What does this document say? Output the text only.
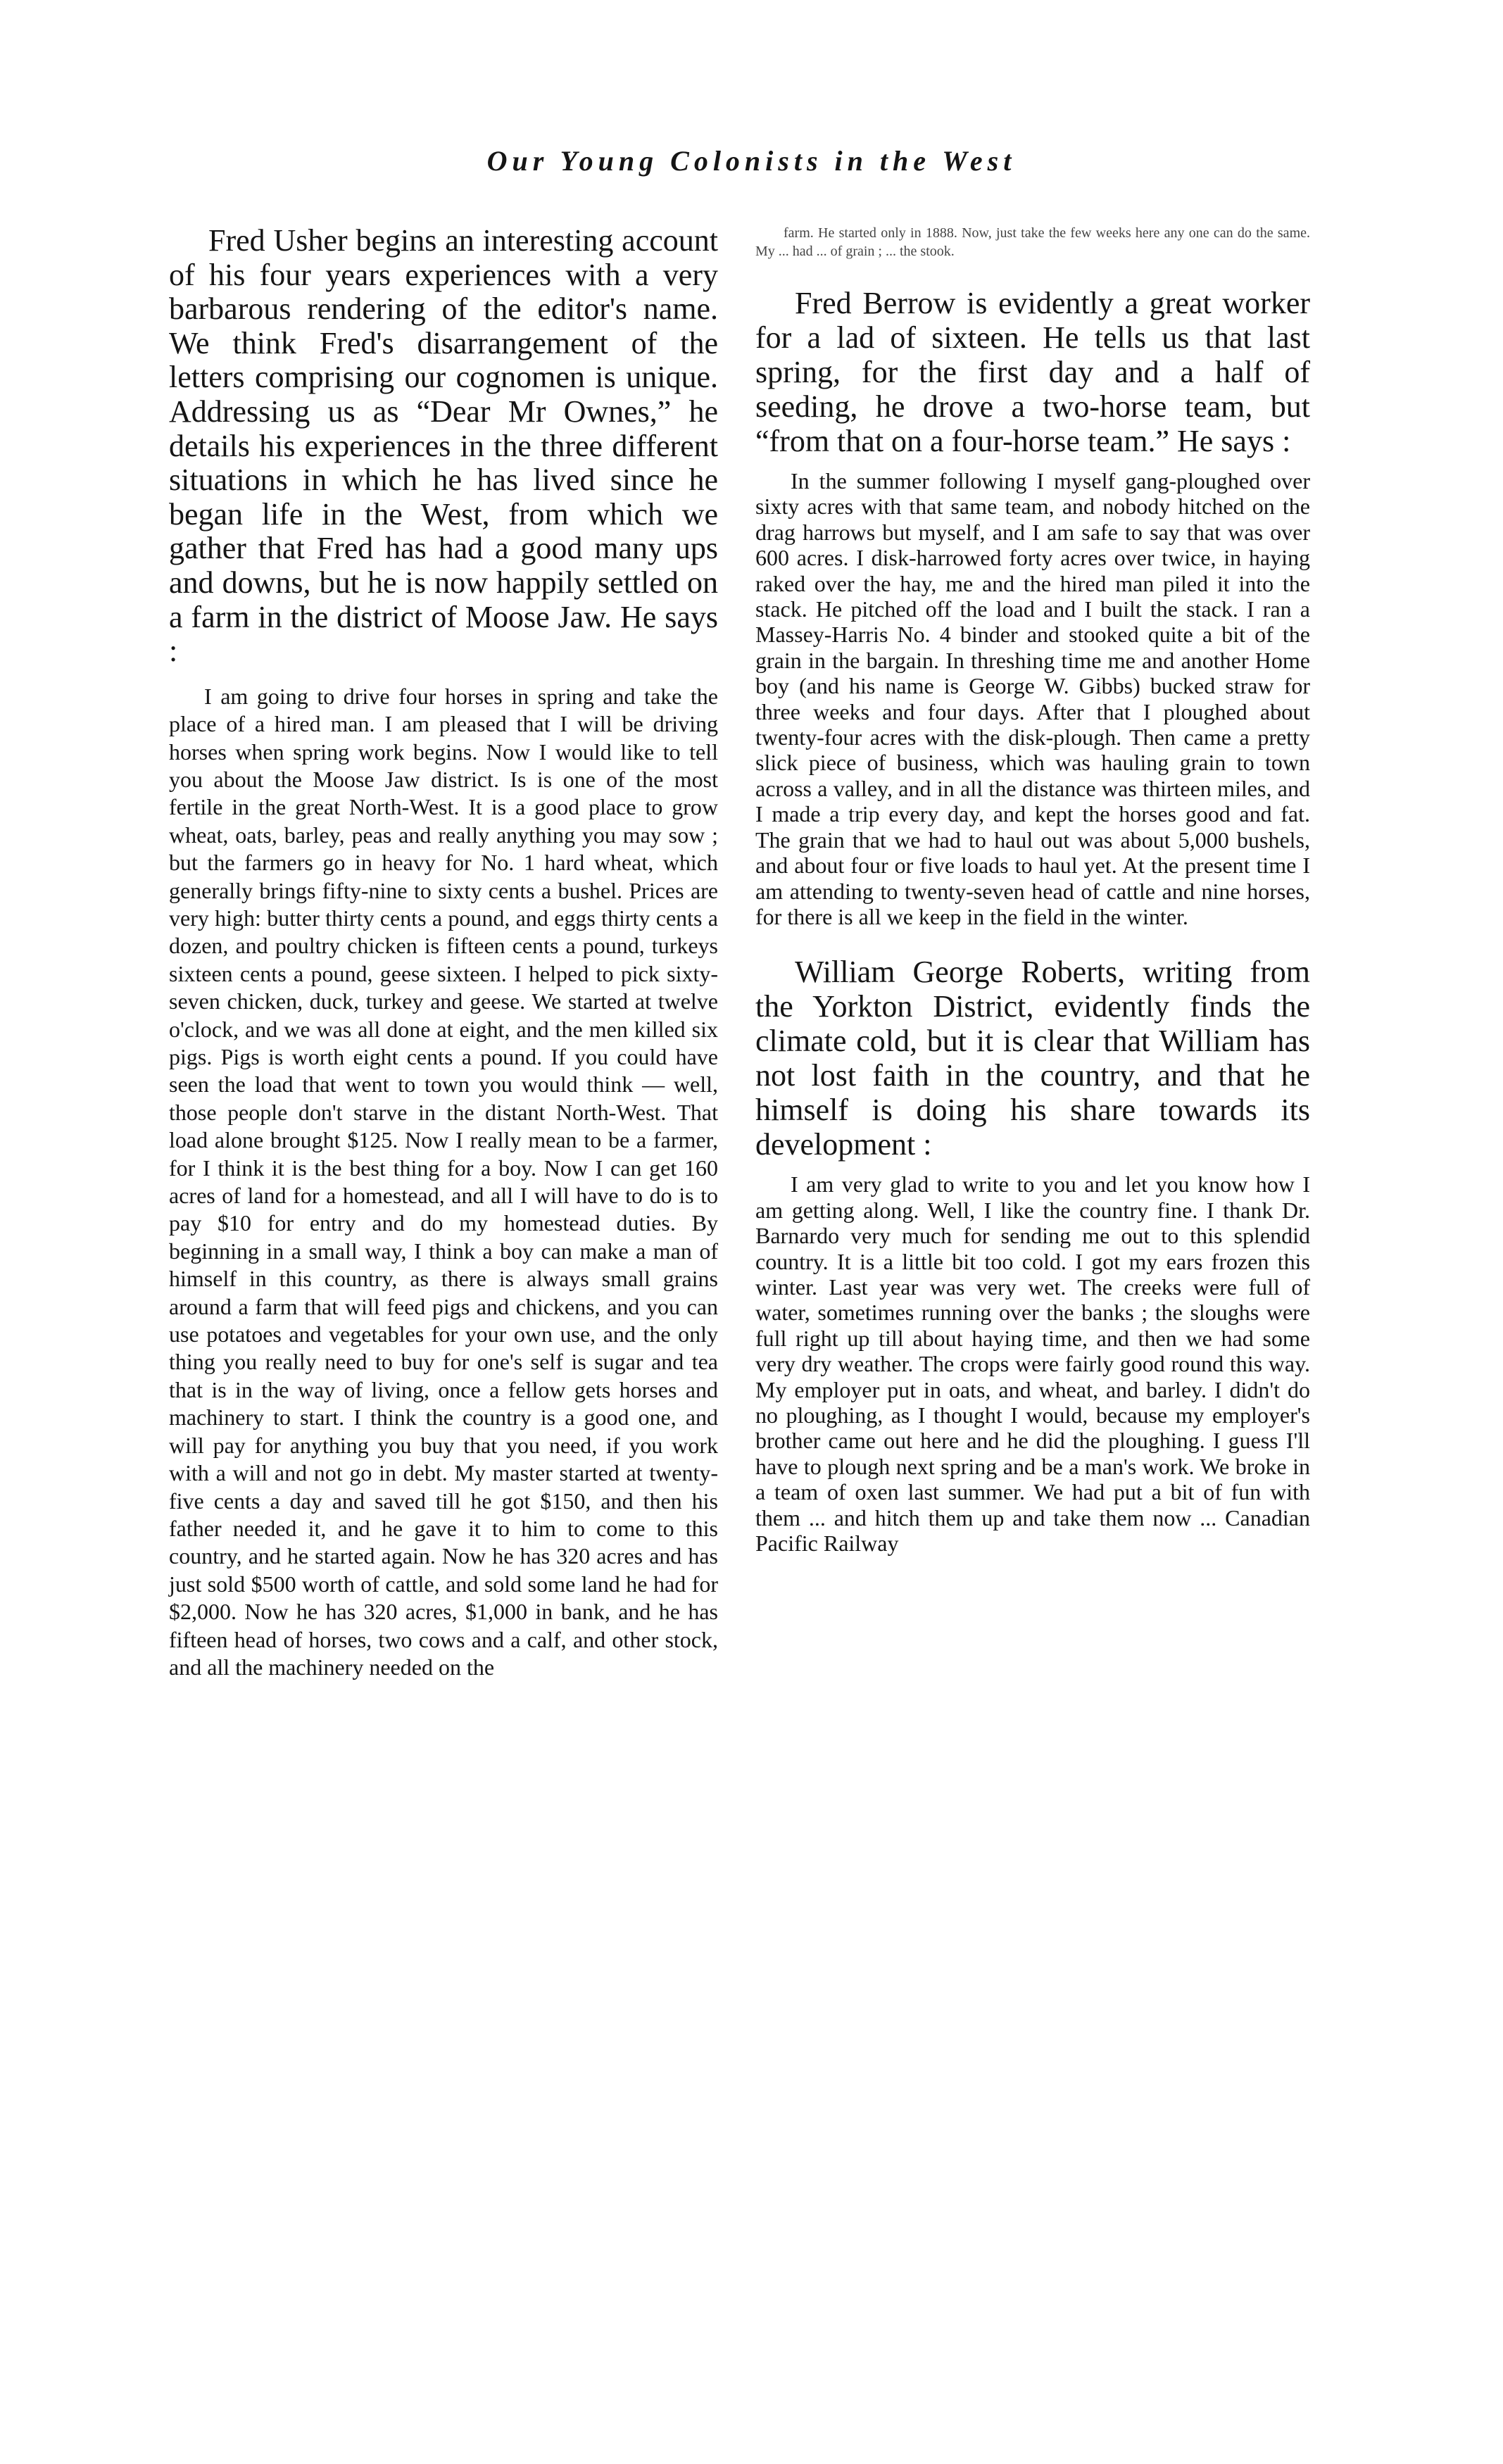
Our Young Colonists in the West

Fred Usher begins an interesting account of his four years experiences with a very barbarous rendering of the editor's name. We think Fred's disarrangement of the letters comprising our cognomen is unique. Addressing us as “Dear Mr Ownes,” he details his experiences in the three different situations in which he has lived since he began life in the West, from which we gather that Fred has had a good many ups and downs, but he is now happily settled on a farm in the district of Moose Jaw. He says :

I am going to drive four horses in spring and take the place of a hired man. I am pleased that I will be driving horses when spring work begins. Now I would like to tell you about the Moose Jaw district. Is is one of the most fertile in the great North-West. It is a good place to grow wheat, oats, barley, peas and really anything you may sow ; but the farmers go in heavy for No. 1 hard wheat, which generally brings fifty-nine to sixty cents a bushel. Prices are very high: butter thirty cents a pound, and eggs thirty cents a dozen, and poultry chicken is fifteen cents a pound, turkeys sixteen cents a pound, geese sixteen. I helped to pick sixty-seven chicken, duck, turkey and geese. We started at twelve o'clock, and we was all done at eight, and the men killed six pigs. Pigs is worth eight cents a pound. If you could have seen the load that went to town you would think — well, those people don't starve in the distant North-West. That load alone brought $125. Now I really mean to be a farmer, for I think it is the best thing for a boy. Now I can get 160 acres of land for a homestead, and all I will have to do is to pay $10 for entry and do my homestead duties. By beginning in a small way, I think a boy can make a man of himself in this country, as there is always small grains around a farm that will feed pigs and chickens, and you can use potatoes and vegetables for your own use, and the only thing you really need to buy for one's self is sugar and tea that is in the way of living, once a fellow gets horses and machinery to start. I think the country is a good one, and will pay for anything you buy that you need, if you work with a will and not go in debt. My master started at twenty-five cents a day and saved till he got $150, and then his father needed it, and he gave it to him to come to this country, and he started again. Now he has 320 acres and has just sold $500 worth of cattle, and sold some land he had for $2,000. Now he has 320 acres, $1,000 in bank, and he has fifteen head of horses, two cows and a calf, and other stock, and all the machinery needed on the

farm. He started only in 1888. Now, just take the few weeks here any one can do the same. My ... had ... of grain ; ... the stook.

Fred Berrow is evidently a great worker for a lad of sixteen. He tells us that last spring, for the first day and a half of seeding, he drove a two-horse team, but “from that on a four-horse team.” He says :

In the summer following I myself gang-ploughed over sixty acres with that same team, and nobody hitched on the drag harrows but myself, and I am safe to say that was over 600 acres. I disk-harrowed forty acres over twice, in haying raked over the hay, me and the hired man piled it into the stack. He pitched off the load and I built the stack. I ran a Massey-Harris No. 4 binder and stooked quite a bit of the grain in the bargain. In threshing time me and another Home boy (and his name is George W. Gibbs) bucked straw for three weeks and four days. After that I ploughed about twenty-four acres with the disk-plough. Then came a pretty slick piece of business, which was hauling grain to town across a valley, and in all the distance was thirteen miles, and I made a trip every day, and kept the horses good and fat. The grain that we had to haul out was about 5,000 bushels, and about four or five loads to haul yet. At the present time I am attending to twenty-seven head of cattle and nine horses, for there is all we keep in the field in the winter.

William George Roberts, writing from the Yorkton District, evidently finds the climate cold, but it is clear that William has not lost faith in the country, and that he himself is doing his share towards its development :

I am very glad to write to you and let you know how I am getting along. Well, I like the country fine. I thank Dr. Barnardo very much for sending me out to this splendid country. It is a little bit too cold. I got my ears frozen this winter. Last year was very wet. The creeks were full of water, sometimes running over the banks ; the sloughs were full right up till about haying time, and then we had some very dry weather. The crops were fairly good round this way. My employer put in oats, and wheat, and barley. I didn't do no ploughing, as I thought I would, because my employer's brother came out here and he did the ploughing. I guess I'll have to plough next spring and be a man's work. We broke in a team of oxen last summer. We had put a bit of fun with them ... and hitch them up and take them now ... Canadian Pacific Railway
